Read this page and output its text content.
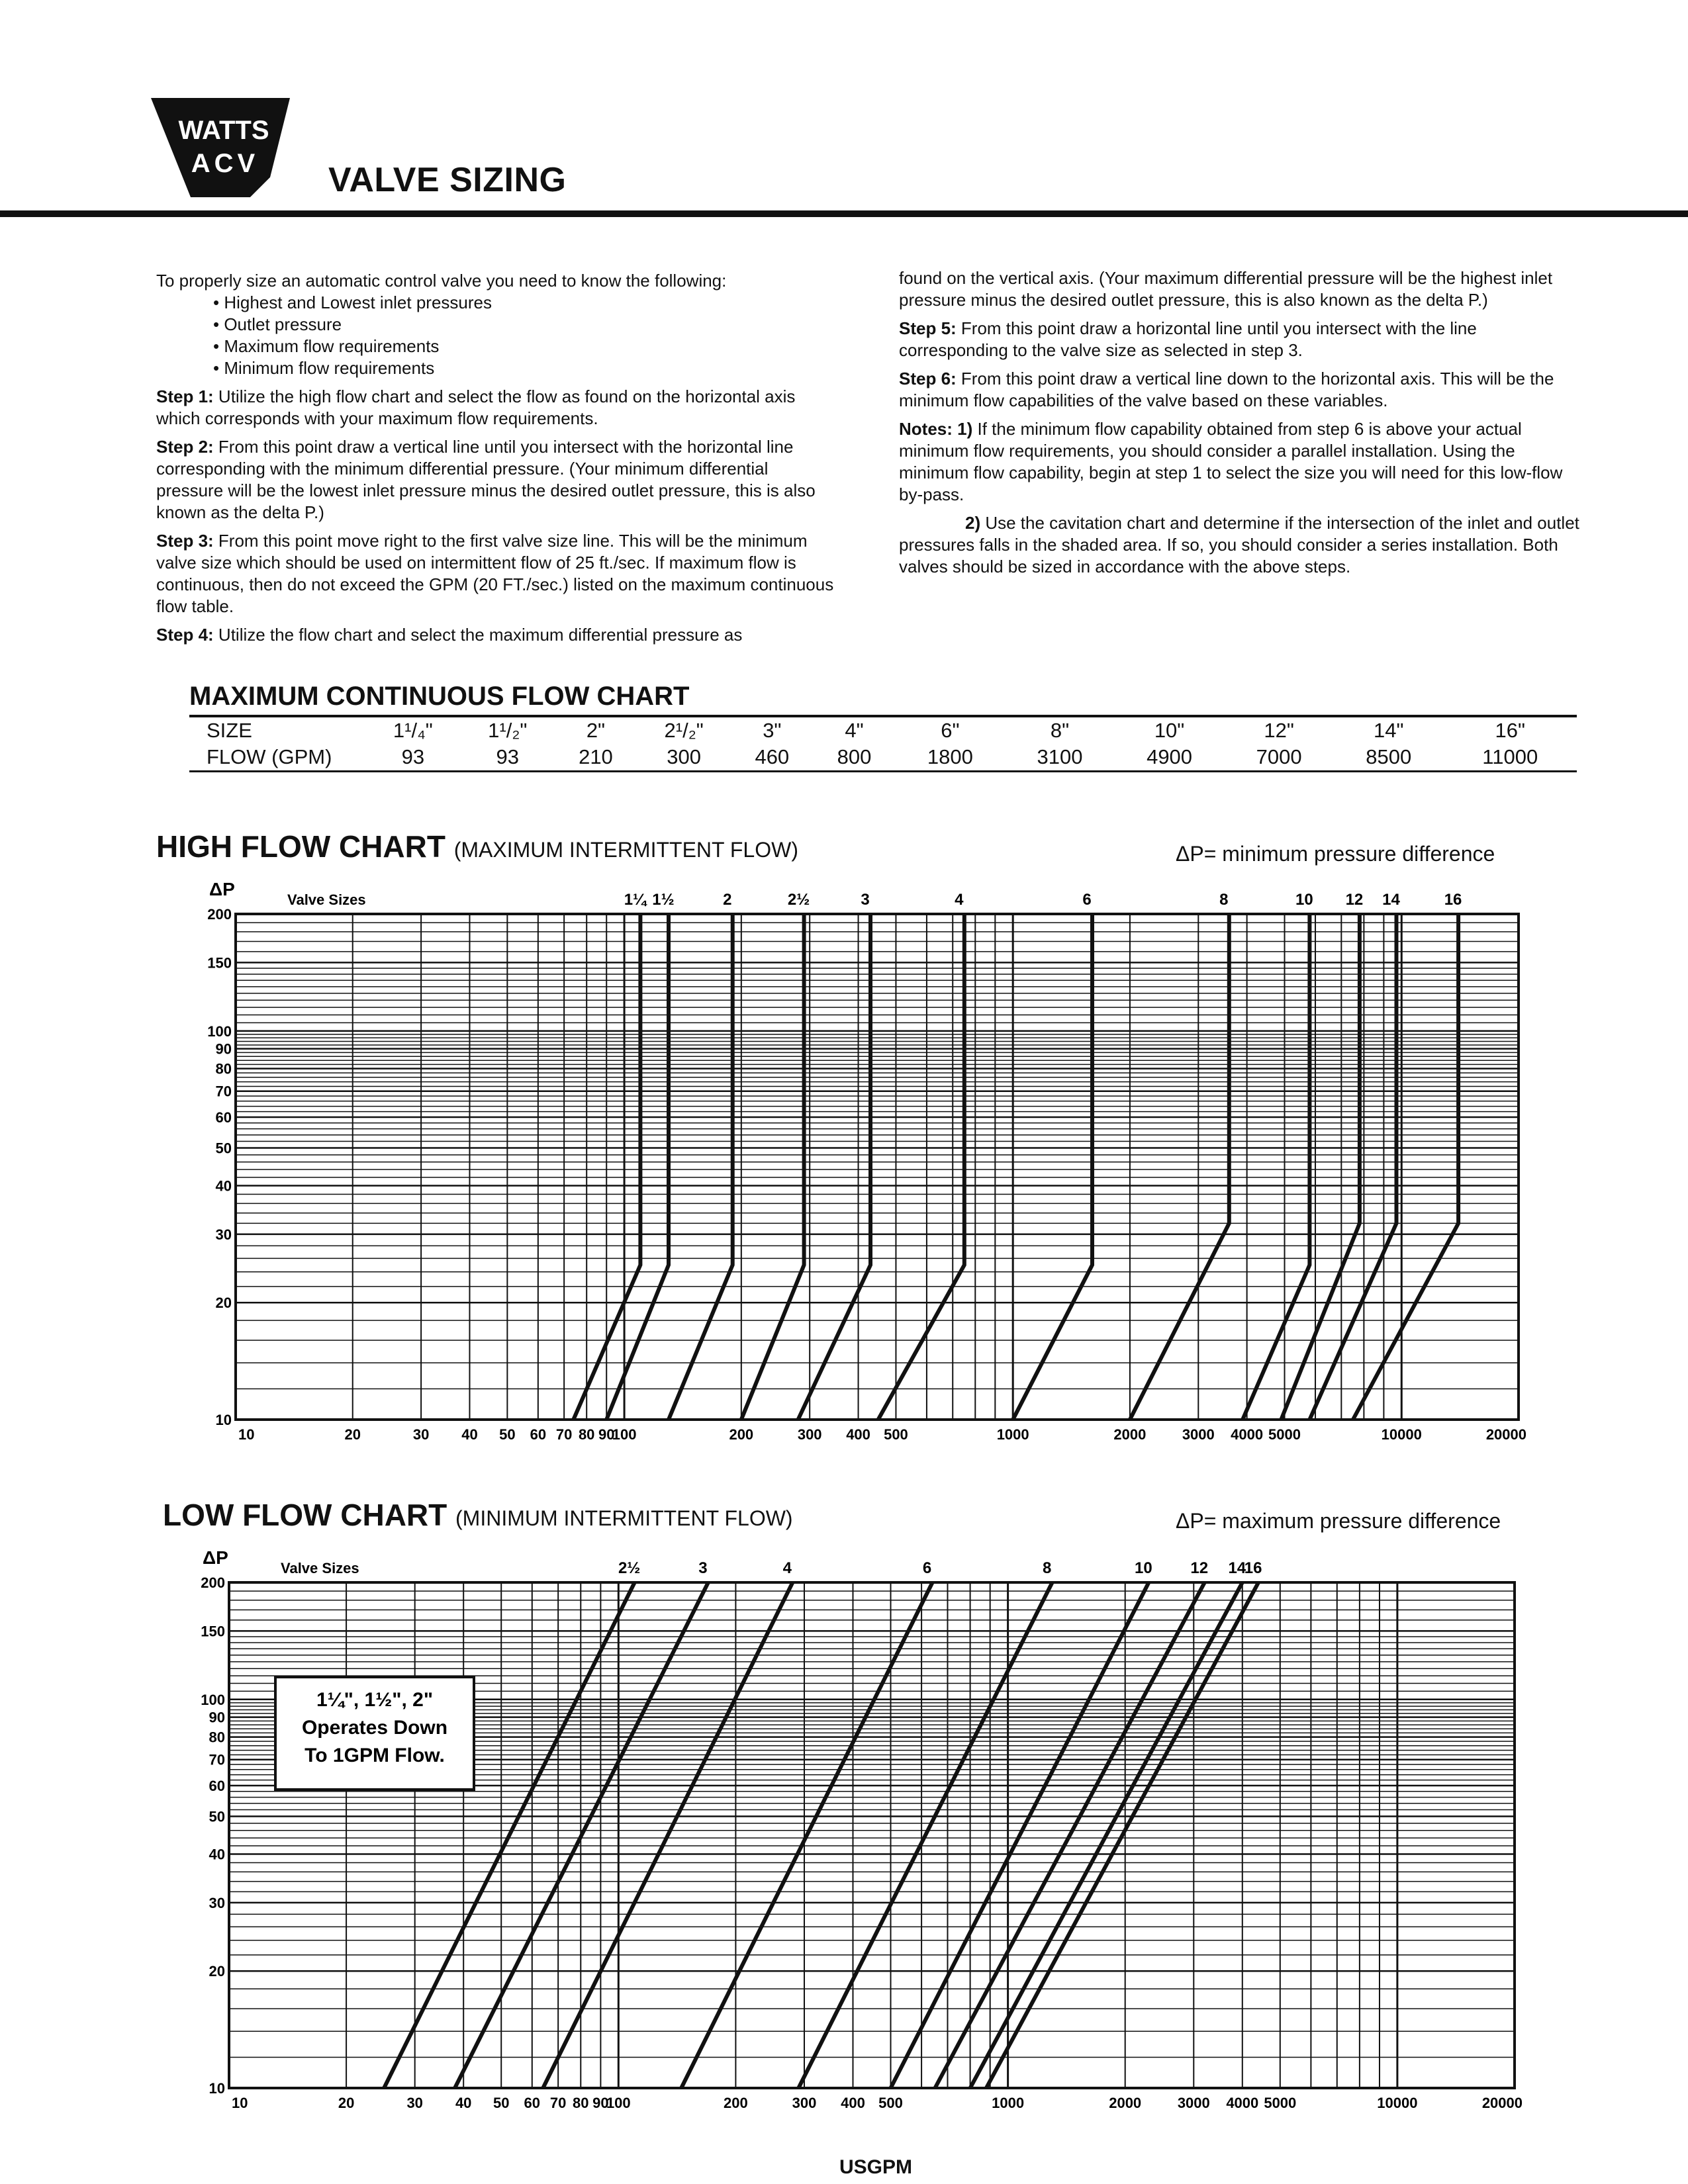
WATTS
ACV VALVE SIZING

To properly size an automatic control valve you need to know the following:

• Highest and Lowest inlet pressures
• Outlet pressure
• Maximum flow requirements
• Minimum flow requirements

Step 1: Utilize the high flow chart and select the flow as found on the horizontal axis which corresponds with your maximum flow requirements.

Step 2: From this point draw a vertical line until you intersect with the horizontal line corresponding with the minimum differential pressure. (Your minimum differential pressure will be the lowest inlet pressure minus the desired outlet pressure, this is also known as the delta P.)

Step 3: From this point move right to the first valve size line. This will be the minimum valve size which should be used on intermittent flow of 25 ft./sec. If maximum flow is continuous, then do not exceed the GPM (20 FT./sec.) listed on the maximum continuous flow table.

Step 4: Utilize the flow chart and select the maximum differential pressure as

found on the vertical axis. (Your maximum differential pressure will be the highest inlet pressure minus the desired outlet pressure, this is also known as the delta P.)

Step 5: From this point draw a horizontal line until you intersect with the line corresponding to the valve size as selected in step 3.

Step 6: From this point draw a vertical line down to the horizontal axis. This will be the minimum flow capabilities of the valve based on these variables.

Notes: 1) If the minimum flow capability obtained from step 6 is above your actual minimum flow requirements, you should consider a parallel installation. Using the minimum flow capability, begin at step 1 to select the size you will need for this low-flow by-pass.

2) Use the cavitation chart and determine if the intersection of the inlet and outlet pressures falls in the shaded area. If so, you should consider a series installation. Both valves should be sized in accordance with the above steps.

MAXIMUM CONTINUOUS FLOW CHART
SIZE	1¹/₄"	1¹/₂"	2"	2¹/₂"	3"	4"	6"	8"	10"	12"	14"	16"
FLOW (GPM)	93	93	210	300	460	800	1800	3100	4900	7000	8500	11000
HIGH FLOW CHART (MAXIMUM INTERMITTENT FLOW)	ΔP= minimum pressure difference
ΔP
Valve Sizes
10
20
30
40
50
60
70
80
90
100
150
200
10	20	30 40 50 60 70 80 90
100	200	300 400 500	1000	2000 3000 4000 5000	10000	20000
1¼ 1½	2	2½	3	4	6	8	10 12 14	16
LOW FLOW CHART (MINIMUM INTERMITTENT FLOW)	ΔP= maximum pressure difference
ΔP
Valve Sizes
10
20
30
40
50
60
70
80
90
100
150
200
10	20	30 40 50 60 70 80 90
100	200	300 400 500	1000	2000 3000 4000 5000	10000	20000
2½	3	4	6	8	10 12 14
16
1¼", 1½", 2"
Operates Down
To 1GPM Flow.
USGPM
